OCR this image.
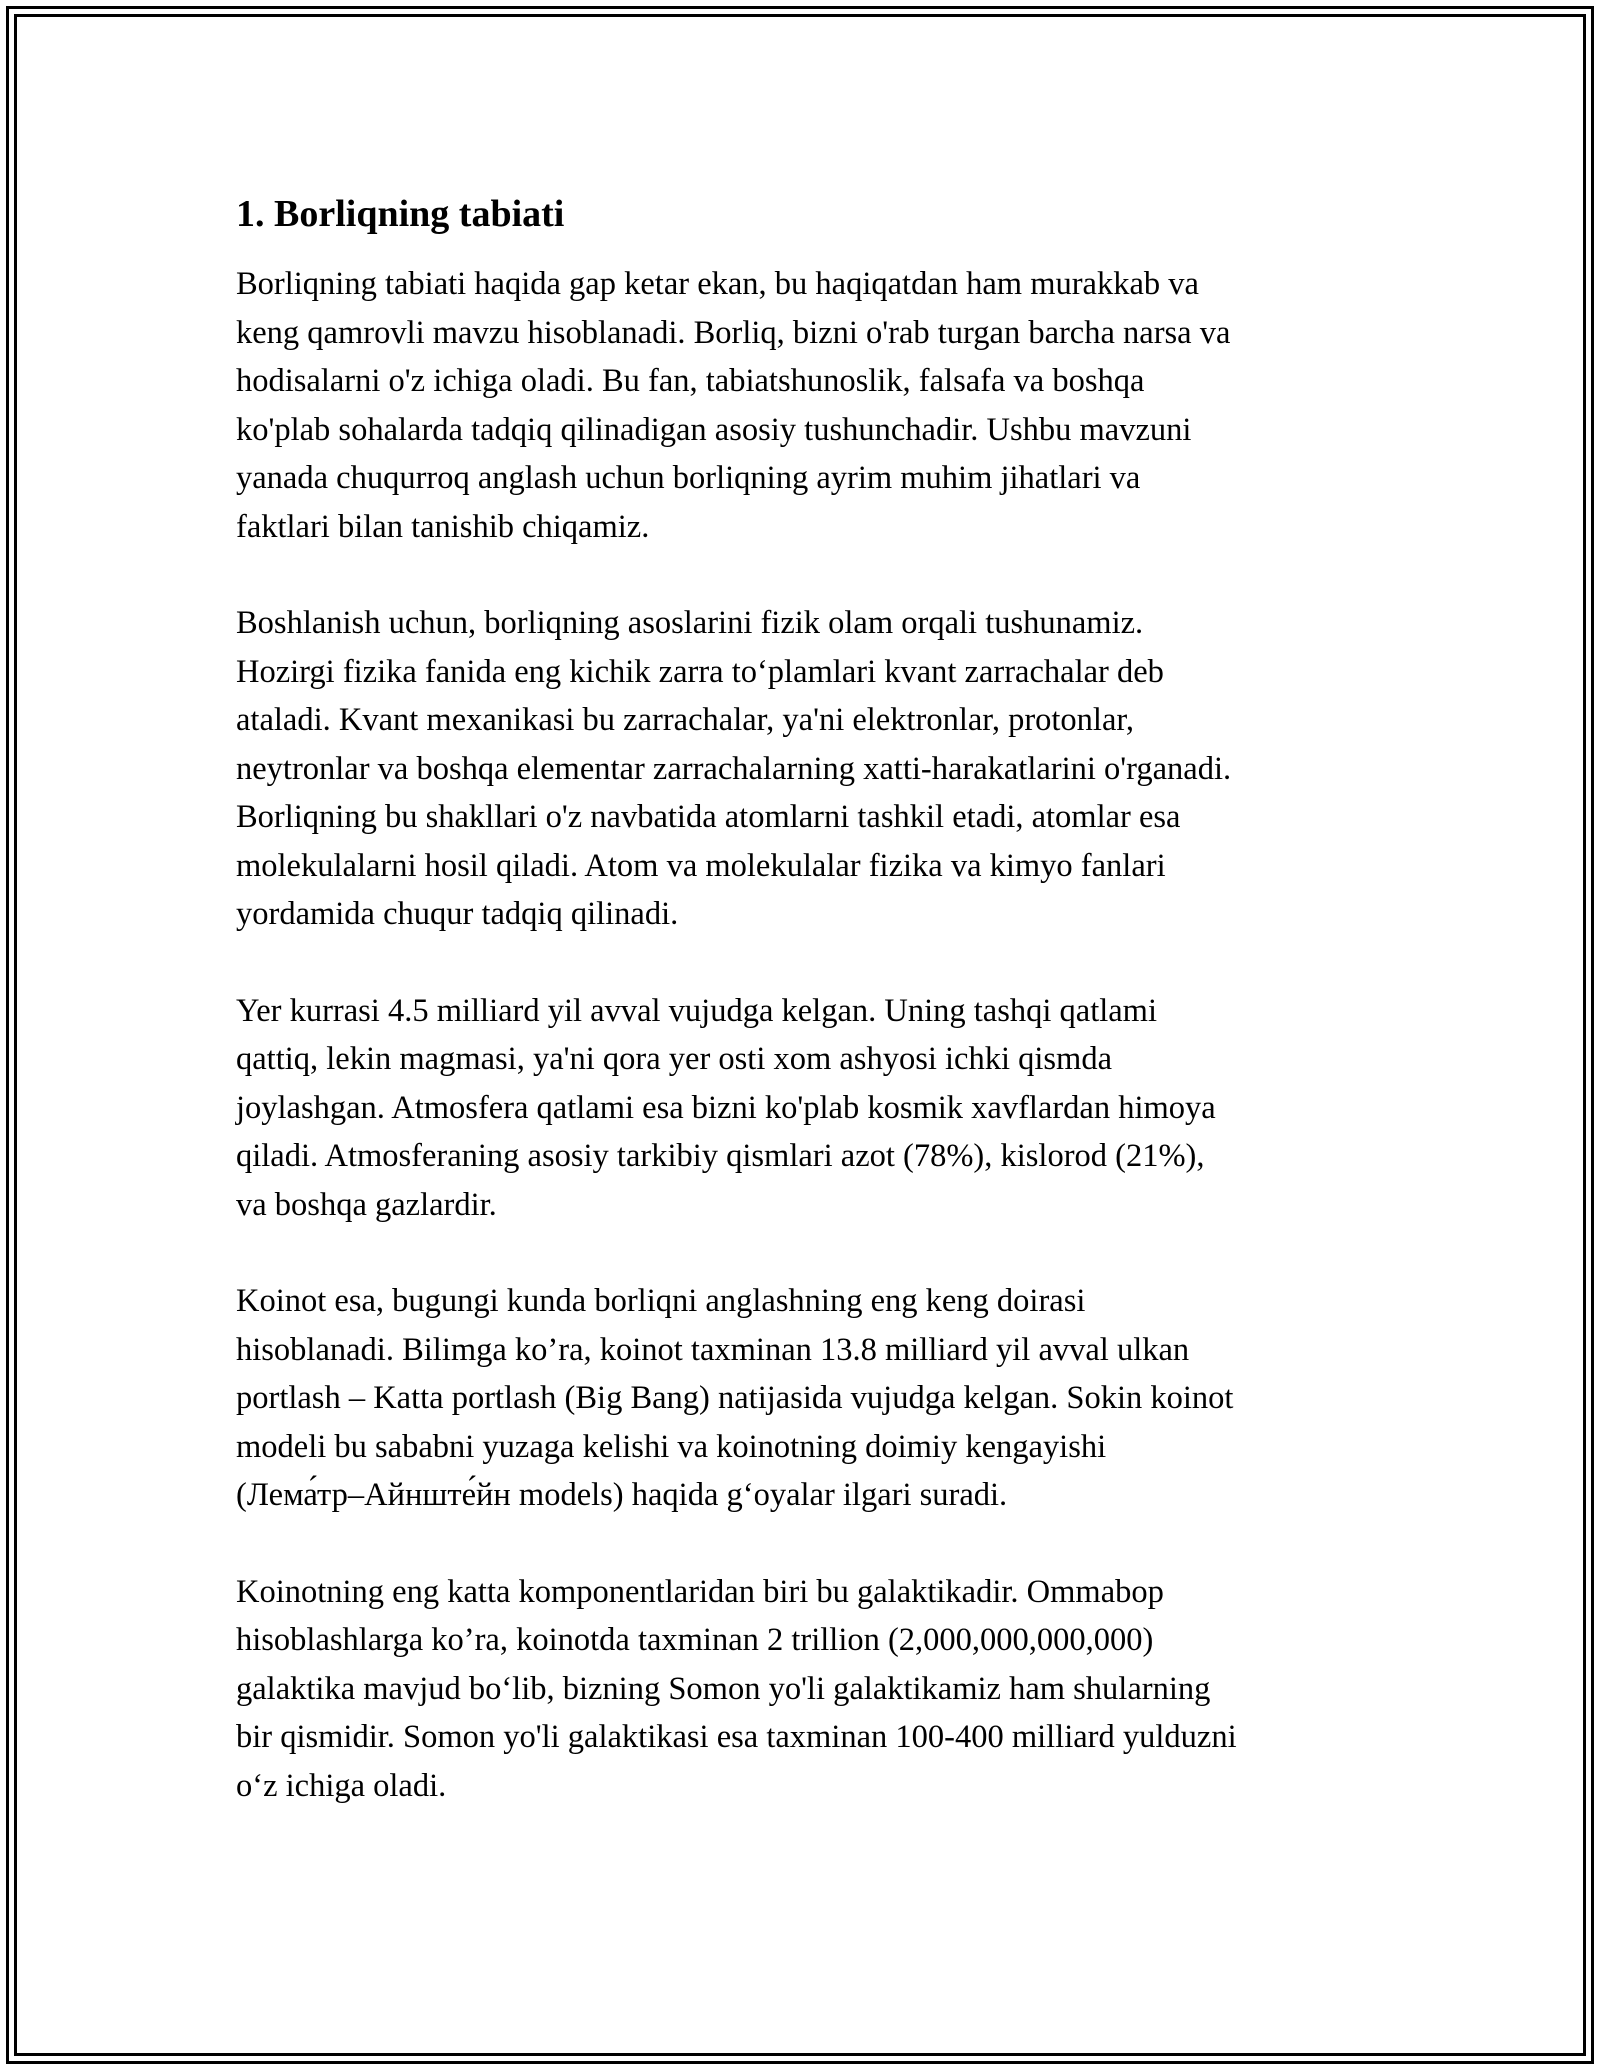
1. Borliqning tabiati
Borliqning tabiati haqida gap ketar ekan, bu haqiqatdan ham murakkab va
keng qamrovli mavzu hisoblanadi. Borliq, bizni o'rab turgan barcha narsa va
hodisalarni o'z ichiga oladi. Bu fan, tabiatshunoslik, falsafa va boshqa
ko'plab sohalarda tadqiq qilinadigan asosiy tushunchadir. Ushbu mavzuni
yanada chuqurroq anglash uchun borliqning ayrim muhim jihatlari va
faktlari bilan tanishib chiqamiz.
Boshlanish uchun, borliqning asoslarini fizik olam orqali tushunamiz.
Hozirgi fizika fanida eng kichik zarra to‘plamlari kvant zarrachalar deb
ataladi. Kvant mexanikasi bu zarrachalar, ya'ni elektronlar, protonlar,
neytronlar va boshqa elementar zarrachalarning xatti-harakatlarini o'rganadi.
Borliqning bu shakllari o'z navbatida atomlarni tashkil etadi, atomlar esa
molekulalarni hosil qiladi. Atom va molekulalar fizika va kimyo fanlari
yordamida chuqur tadqiq qilinadi.
Yer kurrasi 4.5 milliard yil avval vujudga kelgan. Uning tashqi qatlami
qattiq, lekin magmasi, ya'ni qora yer osti xom ashyosi ichki qismda
joylashgan. Atmosfera qatlami esa bizni ko'plab kosmik xavflardan himoya
qiladi. Atmosferaning asosiy tarkibiy qismlari azot (78%), kislorod (21%),
va boshqa gazlardir.
Koinot esa, bugungi kunda borliqni anglashning eng keng doirasi
hisoblanadi. Bilimga ko’ra, koinot taxminan 13.8 milliard yil avval ulkan
portlash – Katta portlash (Big Bang) natijasida vujudga kelgan. Sokin koinot
modeli bu sababni yuzaga kelishi va koinotning doimiy kengayishi
(Лема́тр–Айнште́йн models) haqida g‘oyalar ilgari suradi.
Koinotning eng katta komponentlaridan biri bu galaktikadir. Ommabop
hisoblashlarga ko’ra, koinotda taxminan 2 trillion (2,000,000,000,000)
galaktika mavjud bo‘lib, bizning Somon yo'li galaktikamiz ham shularning
bir qismidir. Somon yo'li galaktikasi esa taxminan 100-400 milliard yulduzni
o‘z ichiga oladi.
